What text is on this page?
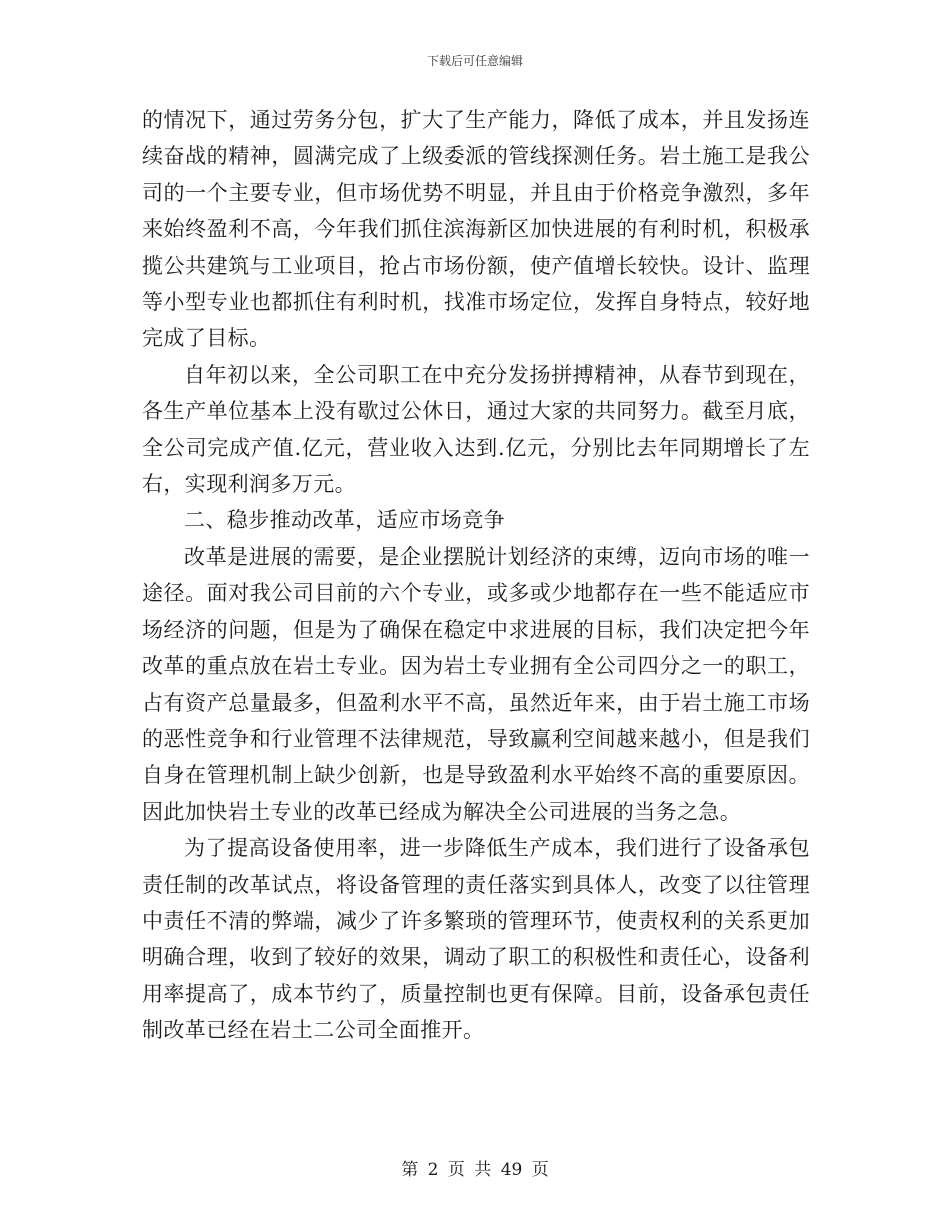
下载后可任意编辑

的情况下，通过劳务分包，扩大了生产能力，降低了成本，并且发扬连续奋战的精神，圆满完成了上级委派的管线探测任务。岩土施工是我公司的一个主要专业，但市场优势不明显，并且由于价格竞争激烈，多年来始终盈利不高，今年我们抓住滨海新区加快进展的有利时机，积极承揽公共建筑与工业项目，抢占市场份额，使产值增长较快。设计、监理等小型专业也都抓住有利时机，找准市场定位，发挥自身特点，较好地完成了目标。

自年初以来，全公司职工在中充分发扬拼搏精神，从春节到现在，各生产单位基本上没有歇过公休日，通过大家的共同努力。截至月底，全公司完成产值.亿元，营业收入达到.亿元，分别比去年同期增长了左右，实现利润多万元。

二、稳步推动改革，适应市场竞争

改革是进展的需要，是企业摆脱计划经济的束缚，迈向市场的唯一途径。面对我公司目前的六个专业，或多或少地都存在一些不能适应市场经济的问题，但是为了确保在稳定中求进展的目标，我们决定把今年改革的重点放在岩土专业。因为岩土专业拥有全公司四分之一的职工，占有资产总量最多，但盈利水平不高，虽然近年来，由于岩土施工市场的恶性竞争和行业管理不法律规范，导致赢利空间越来越小，但是我们自身在管理机制上缺少创新，也是导致盈利水平始终不高的重要原因。因此加快岩土专业的改革已经成为解决全公司进展的当务之急。

为了提高设备使用率，进一步降低生产成本，我们进行了设备承包责任制的改革试点，将设备管理的责任落实到具体人，改变了以往管理中责任不清的弊端，减少了许多繁琐的管理环节，使责权利的关系更加明确合理，收到了较好的效果，调动了职工的积极性和责任心，设备利用率提高了，成本节约了，质量控制也更有保障。目前，设备承包责任制改革已经在岩土二公司全面推开。

第 2 页 共 49 页
